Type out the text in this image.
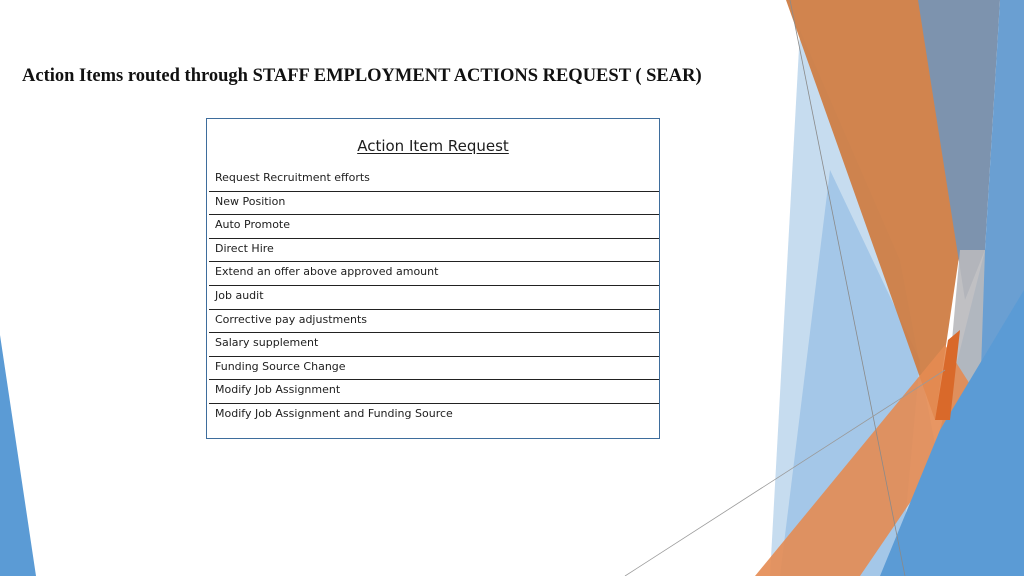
Action Items routed through STAFF EMPLOYMENT ACTIONS REQUEST ( SEAR)
Action Item Request
Request Recruitment efforts
New Position
Auto Promote
Direct Hire
Extend an offer above approved amount
Job audit
Corrective pay adjustments
Salary supplement
Funding Source Change
Modify Job Assignment
Modify Job Assignment and Funding Source
